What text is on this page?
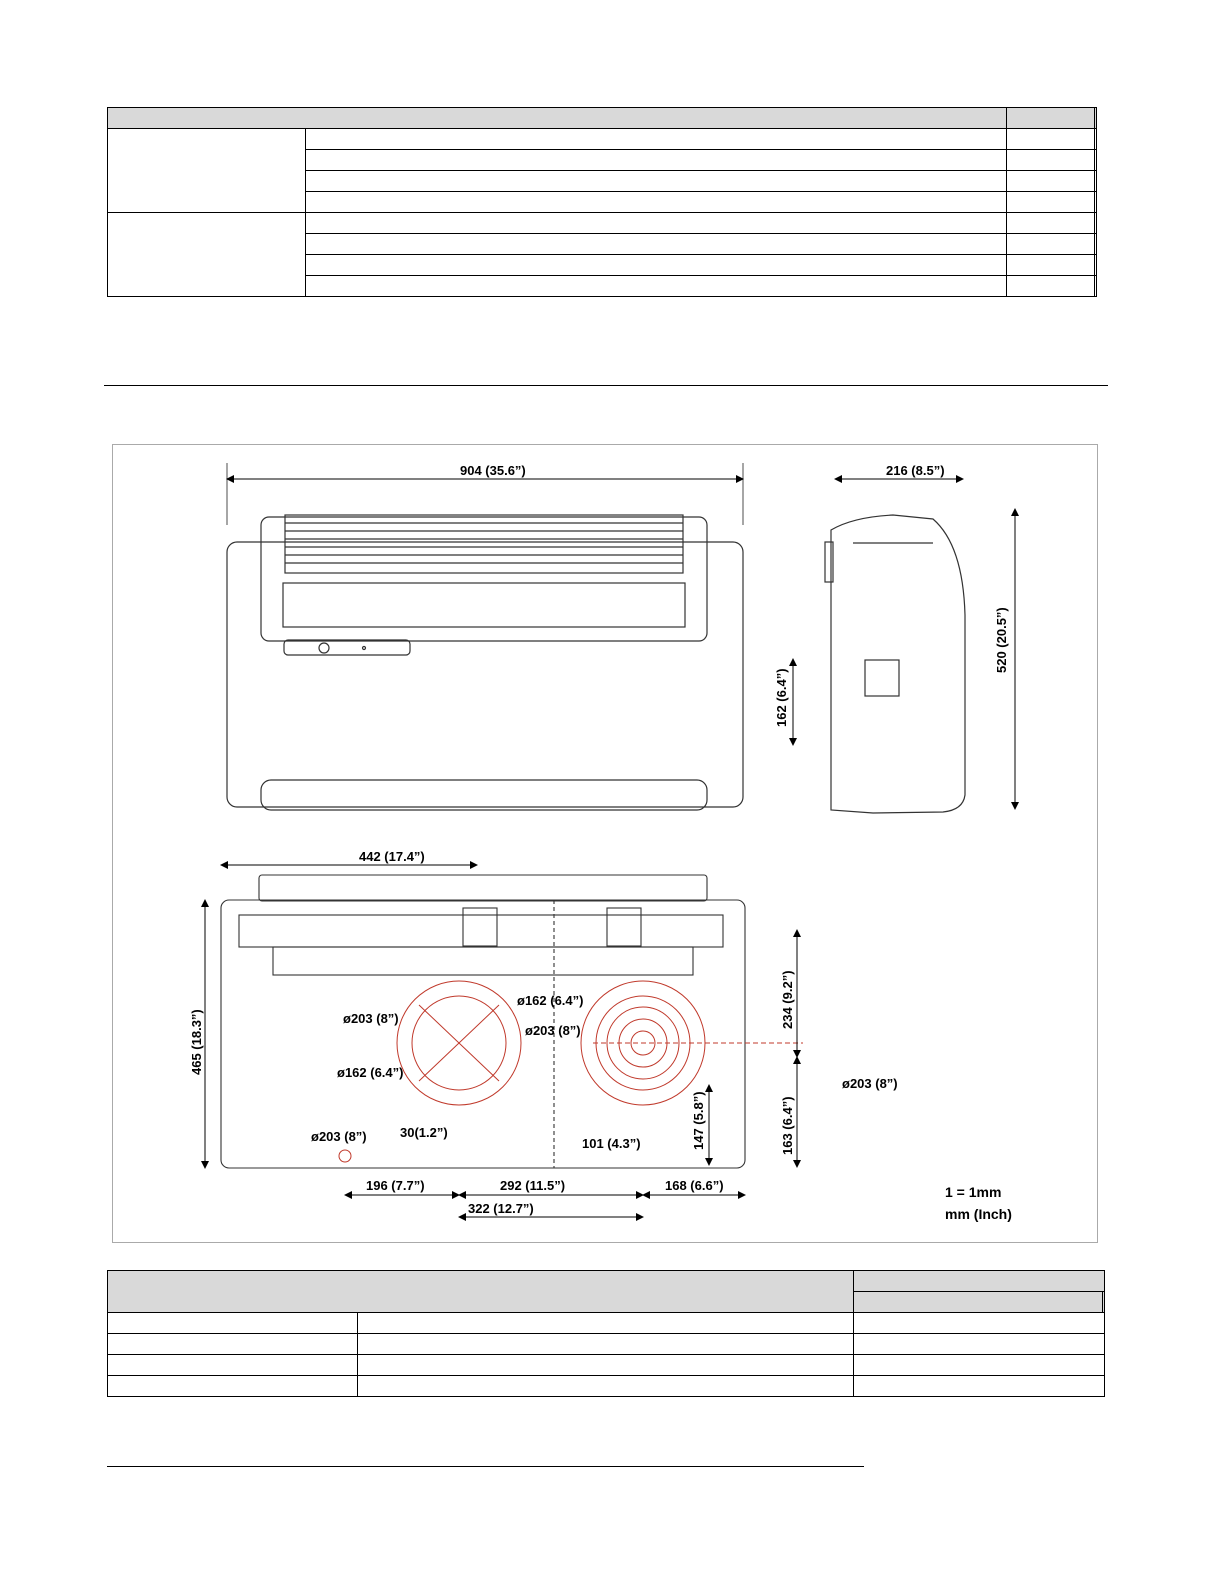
904 (35.6”)	216 (8.5”)
520 (20.5”)
162 (6.4”)
442 (17.4”)
465 (18.3”)	ø203 (8”)
ø162 (6.4”)
ø162 (6.4”)
ø203 (8”)
ø203 (8”)
ø203 (8”)
30(1.2”)
101 (4.3”)
234 (9.2”)
163 (6.4”)
147 (5.8”)
196 (7.7”)	292 (11.5”)	168 (6.6”)
322 (12.7”)
1 = 1mm
mm (Inch)
